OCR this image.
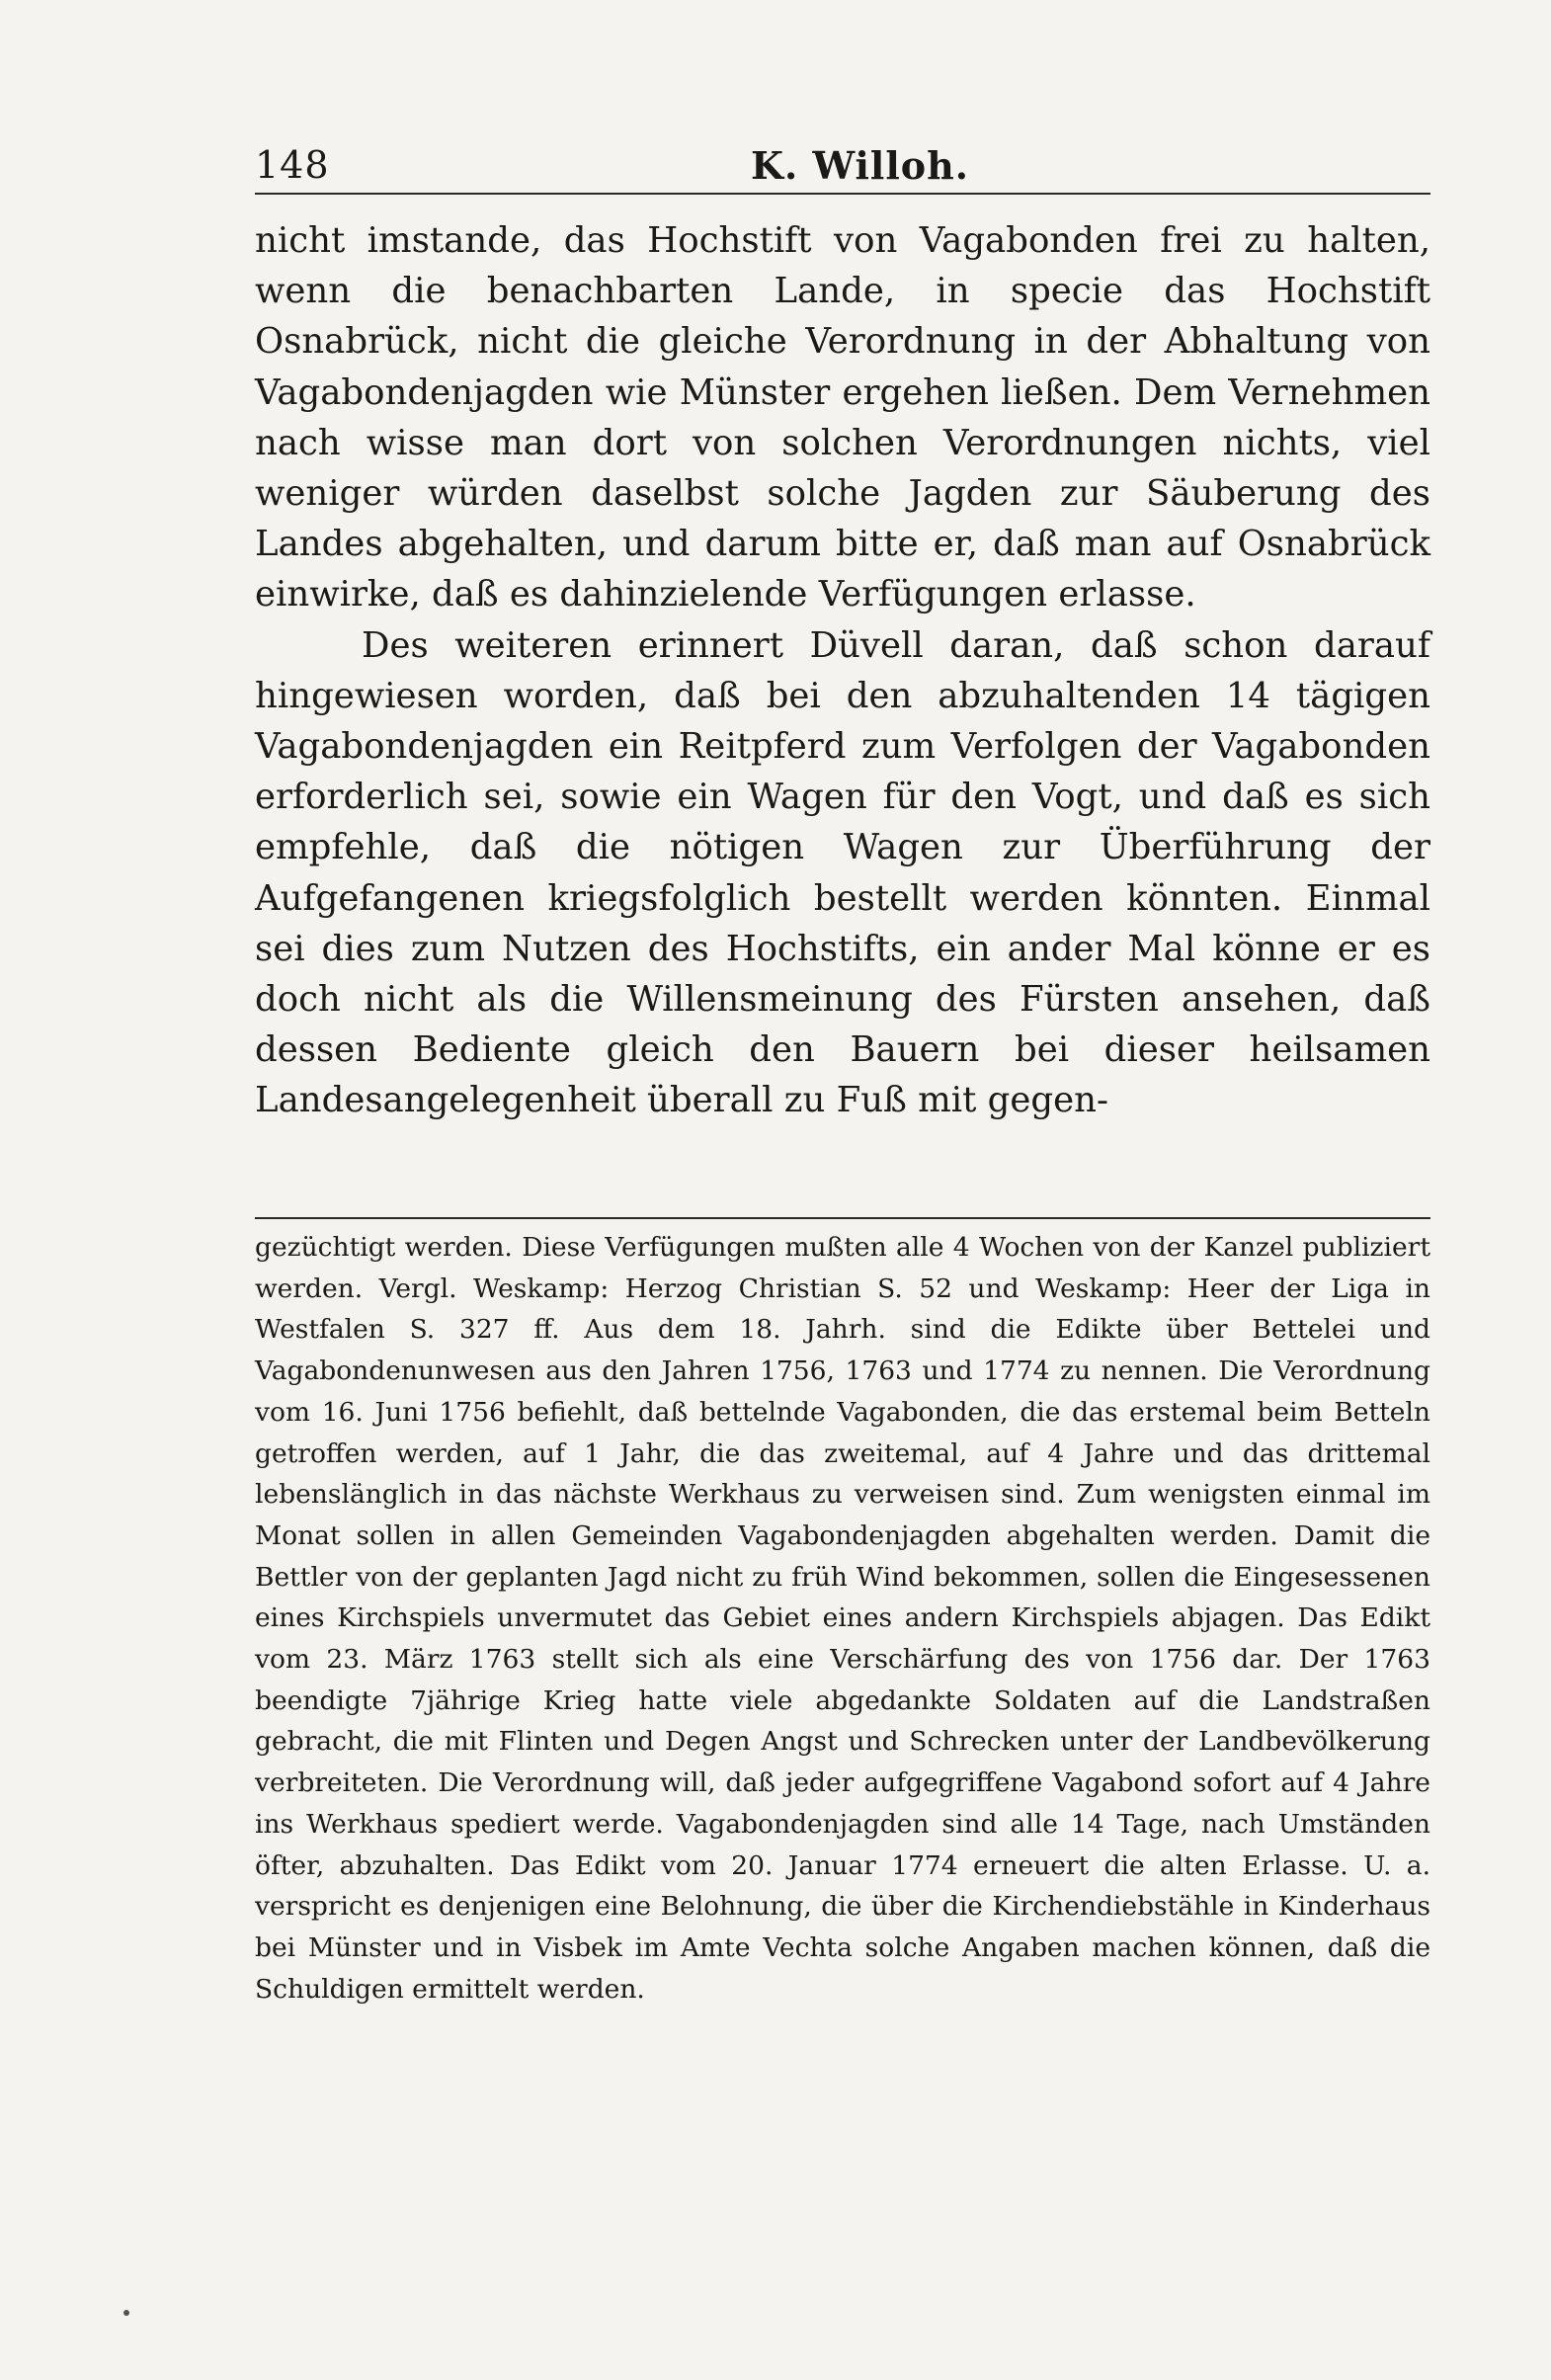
148	K. Willoh.

nicht imstande, das Hochstift von Vagabonden frei zu halten, wenn die benachbarten Lande, in specie das Hochstift Osnabrück, nicht die gleiche Verordnung in der Abhaltung von Vagabondenjagden wie Münster ergehen ließen. Dem Vernehmen nach wisse man dort von solchen Verordnungen nichts, viel weniger würden daselbst solche Jagden zur Säuberung des Landes abgehalten, und darum bitte er, daß man auf Osnabrück einwirke, daß es dahinzielende Verfügungen erlasse.

Des weiteren erinnert Düvell daran, daß schon darauf hingewiesen worden, daß bei den abzuhaltenden 14 tägigen Vagabondenjagden ein Reitpferd zum Verfolgen der Vagabonden erforderlich sei, sowie ein Wagen für den Vogt, und daß es sich empfehle, daß die nötigen Wagen zur Überführung der Aufgefangenen kriegsfolglich bestellt werden könnten. Einmal sei dies zum Nutzen des Hochstifts, ein ander Mal könne er es doch nicht als die Willensmeinung des Fürsten ansehen, daß dessen Bediente gleich den Bauern bei dieser heilsamen Landesangelegenheit überall zu Fuß mit gegen-

gezüchtigt werden. Diese Verfügungen mußten alle 4 Wochen von der Kanzel publiziert werden. Vergl. Weskamp: Herzog Christian S. 52 und Weskamp: Heer der Liga in Westfalen S. 327 ff. Aus dem 18. Jahrh. sind die Edikte über Bettelei und Vagabondenunwesen aus den Jahren 1756, 1763 und 1774 zu nennen. Die Verordnung vom 16. Juni 1756 befiehlt, daß bettelnde Vagabonden, die das erstemal beim Betteln getroffen werden, auf 1 Jahr, die das zweitemal, auf 4 Jahre und das drittemal lebenslänglich in das nächste Werkhaus zu verweisen sind. Zum wenigsten einmal im Monat sollen in allen Gemeinden Vagabondenjagden abgehalten werden. Damit die Bettler von der geplanten Jagd nicht zu früh Wind bekommen, sollen die Eingesessenen eines Kirchspiels unvermutet das Gebiet eines andern Kirchspiels abjagen. Das Edikt vom 23. März 1763 stellt sich als eine Verschärfung des von 1756 dar. Der 1763 beendigte 7jährige Krieg hatte viele abgedankte Soldaten auf die Landstraßen gebracht, die mit Flinten und Degen Angst und Schrecken unter der Landbevölkerung verbreiteten. Die Verordnung will, daß jeder aufgegriffene Vagabond sofort auf 4 Jahre ins Werkhaus spediert werde. Vagabondenjagden sind alle 14 Tage, nach Umständen öfter, abzuhalten. Das Edikt vom 20. Januar 1774 erneuert die alten Erlasse. U. a. verspricht es denjenigen eine Belohnung, die über die Kirchendiebstähle in Kinderhaus bei Münster und in Visbek im Amte Vechta solche Angaben machen können, daß die Schuldigen ermittelt werden.
